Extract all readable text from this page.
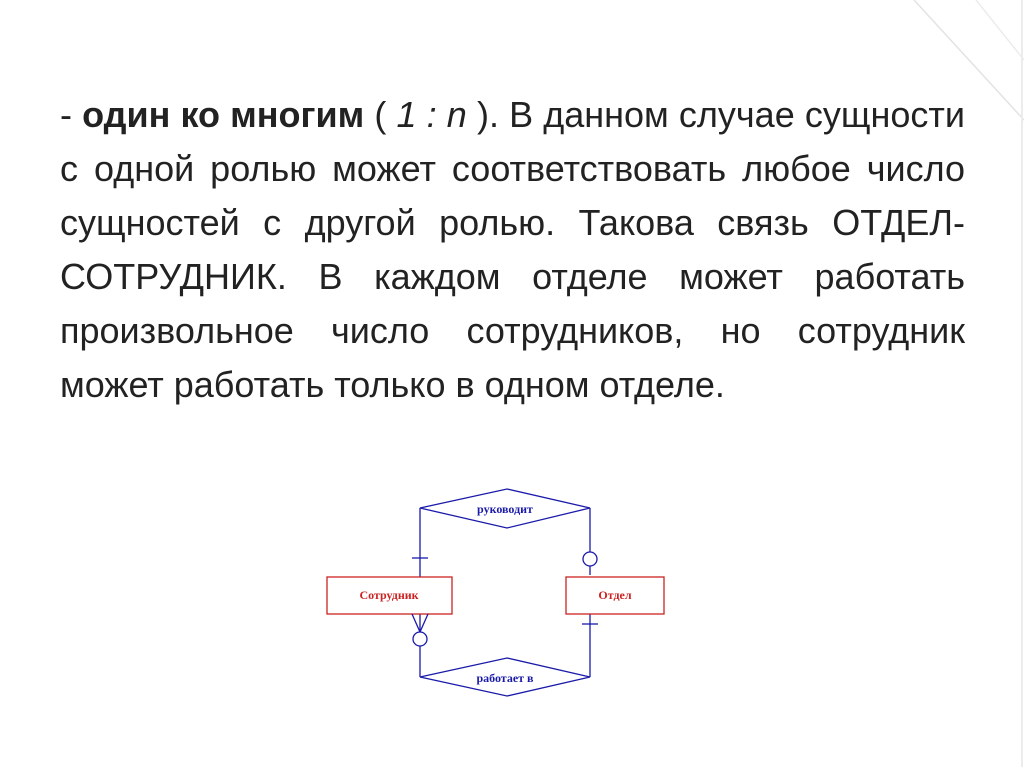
- один ко многим ( 1 : n ). В данном случае сущности с одной ролью может соответствовать любое число сущностей с другой ролью. Такова связь ОТДЕЛ-СОТРУДНИК. В каждом отделе может работать произвольное число сотрудников, но сотрудник может работать только в одном отделе.
руководит
работает в
Сотрудник	Отдел
